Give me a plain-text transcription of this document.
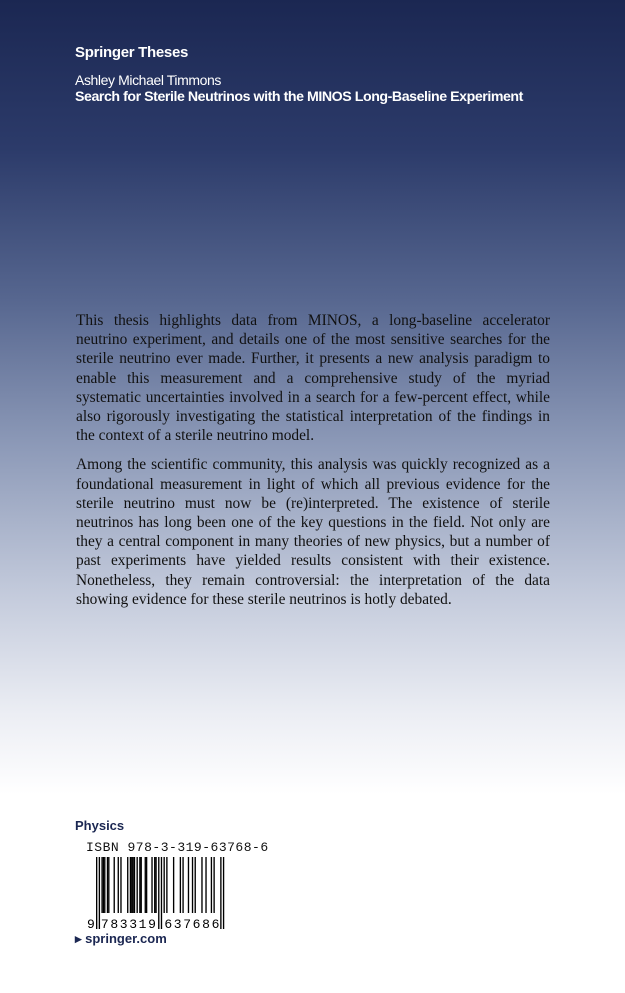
Springer Theses
Ashley Michael Timmons
Search for Sterile Neutrinos with the MINOS Long-Baseline Experiment

This thesis highlights data from MINOS, a long-baseline accelerator neutrino experiment, and details one of the most sensitive searches for the sterile neutrino ever made. Further, it presents a new analysis paradigm to enable this measurement and a comprehensive study of the myriad systematic uncertainties involved in a search for a few-percent effect, while also rigorously investigating the statistical interpretation of the findings in the context of a sterile neutrino model.

Among the scientific community, this analysis was quickly recognized as a foundational measurement in light of which all previous evidence for the sterile neutrino must now be (re)interpreted. The existence of sterile neutrinos has long been one of the key questions in the field. Not only are they a central component in many theories of new physics, but a number of past experiments have yielded results consistent with their existence. Nonetheless, they remain controversial: the interpretation of the data showing evidence for these sterile neutrinos is hotly debated.

Physics
ISBN 978-3-319-63768-6
9 7 8 3 3 1 9 6 3 7 6 8 6
▸ springer.com
